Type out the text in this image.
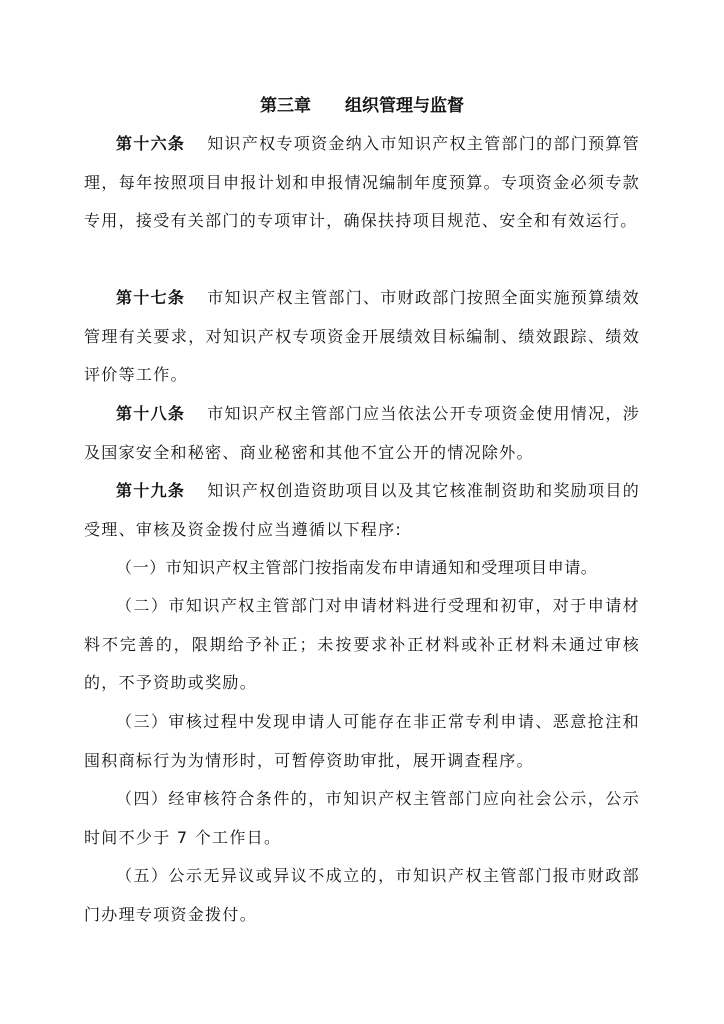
第三章　　组织管理与监督
第十六条 知识产权专项资金纳入市知识产权主管部门的部门预算管理，每年按照项目申报计划和申报情况编制年度预算。专项资金必须专款专用，接受有关部门的专项审计，确保扶持项目规范、安全和有效运行。
第十七条 市知识产权主管部门、市财政部门按照全面实施预算绩效管理有关要求，对知识产权专项资金开展绩效目标编制、绩效跟踪、绩效评价等工作。
第十八条 市知识产权主管部门应当依法公开专项资金使用情况，涉及国家安全和秘密、商业秘密和其他不宜公开的情况除外。
第十九条 知识产权创造资助项目以及其它核准制资助和奖励项目的受理、审核及资金拨付应当遵循以下程序:
（一）市知识产权主管部门按指南发布申请通知和受理项目申请。
（二）市知识产权主管部门对申请材料进行受理和初审，对于申请材料不完善的，限期给予补正；未按要求补正材料或补正材料未通过审核的，不予资助或奖励。
（三）审核过程中发现申请人可能存在非正常专利申请、恶意抢注和囤积商标行为为情形时，可暂停资助审批，展开调查程序。
（四）经审核符合条件的，市知识产权主管部门应向社会公示，公示时间不少于 7 个工作日。
（五）公示无异议或异议不成立的，市知识产权主管部门报市财政部门办理专项资金拨付。
